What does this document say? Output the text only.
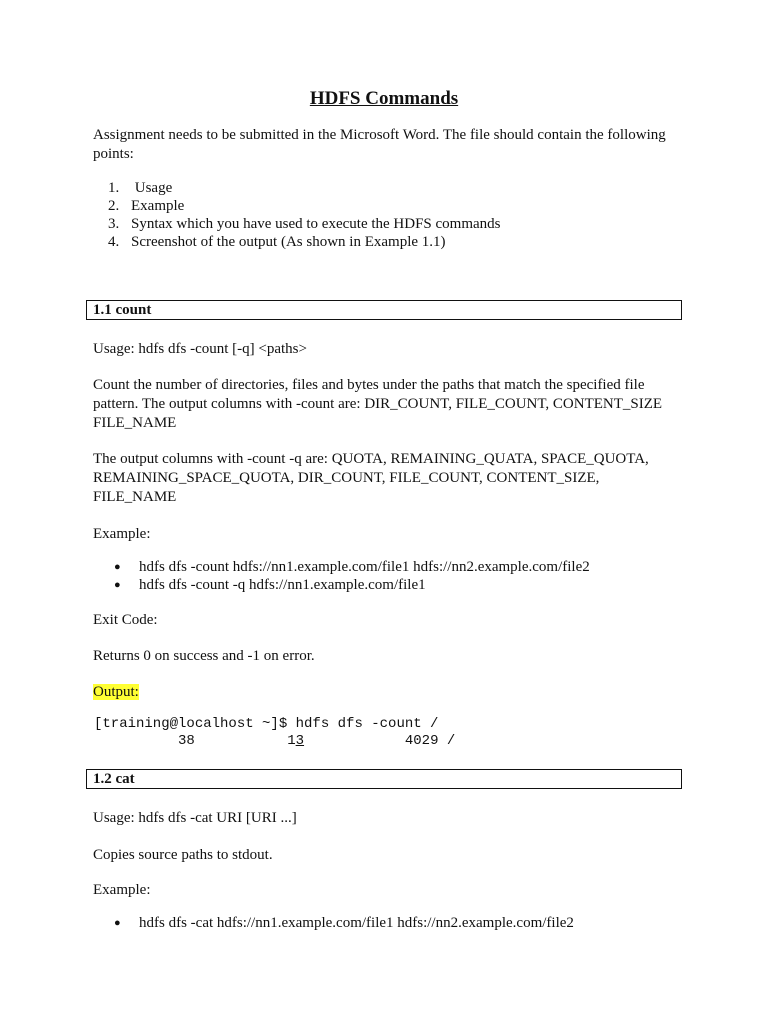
HDFS Commands
Assignment needs to be submitted in the Microsoft Word. The file should contain the following points:
1. Usage
2. Example
3. Syntax which you have used to execute the HDFS commands
4. Screenshot of the output (As shown in Example 1.1)
1.1 count
Usage: hdfs dfs -count [-q] <paths>
Count the number of directories, files and bytes under the paths that match the specified file pattern. The output columns with -count are: DIR_COUNT, FILE_COUNT, CONTENT_SIZE FILE_NAME
The output columns with -count -q are: QUOTA, REMAINING_QUATA, SPACE_QUOTA, REMAINING_SPACE_QUOTA, DIR_COUNT, FILE_COUNT, CONTENT_SIZE, FILE_NAME
Example:
● hdfs dfs -count hdfs://nn1.example.com/file1 hdfs://nn2.example.com/file2
● hdfs dfs -count -q hdfs://nn1.example.com/file1
Exit Code:
Returns 0 on success and -1 on error.
Output:
[training@localhost ~]$ hdfs dfs -count /
38           13            4029 /
1.2 cat
Usage: hdfs dfs -cat URI [URI ...]
Copies source paths to stdout.
Example:
● hdfs dfs -cat hdfs://nn1.example.com/file1 hdfs://nn2.example.com/file2
